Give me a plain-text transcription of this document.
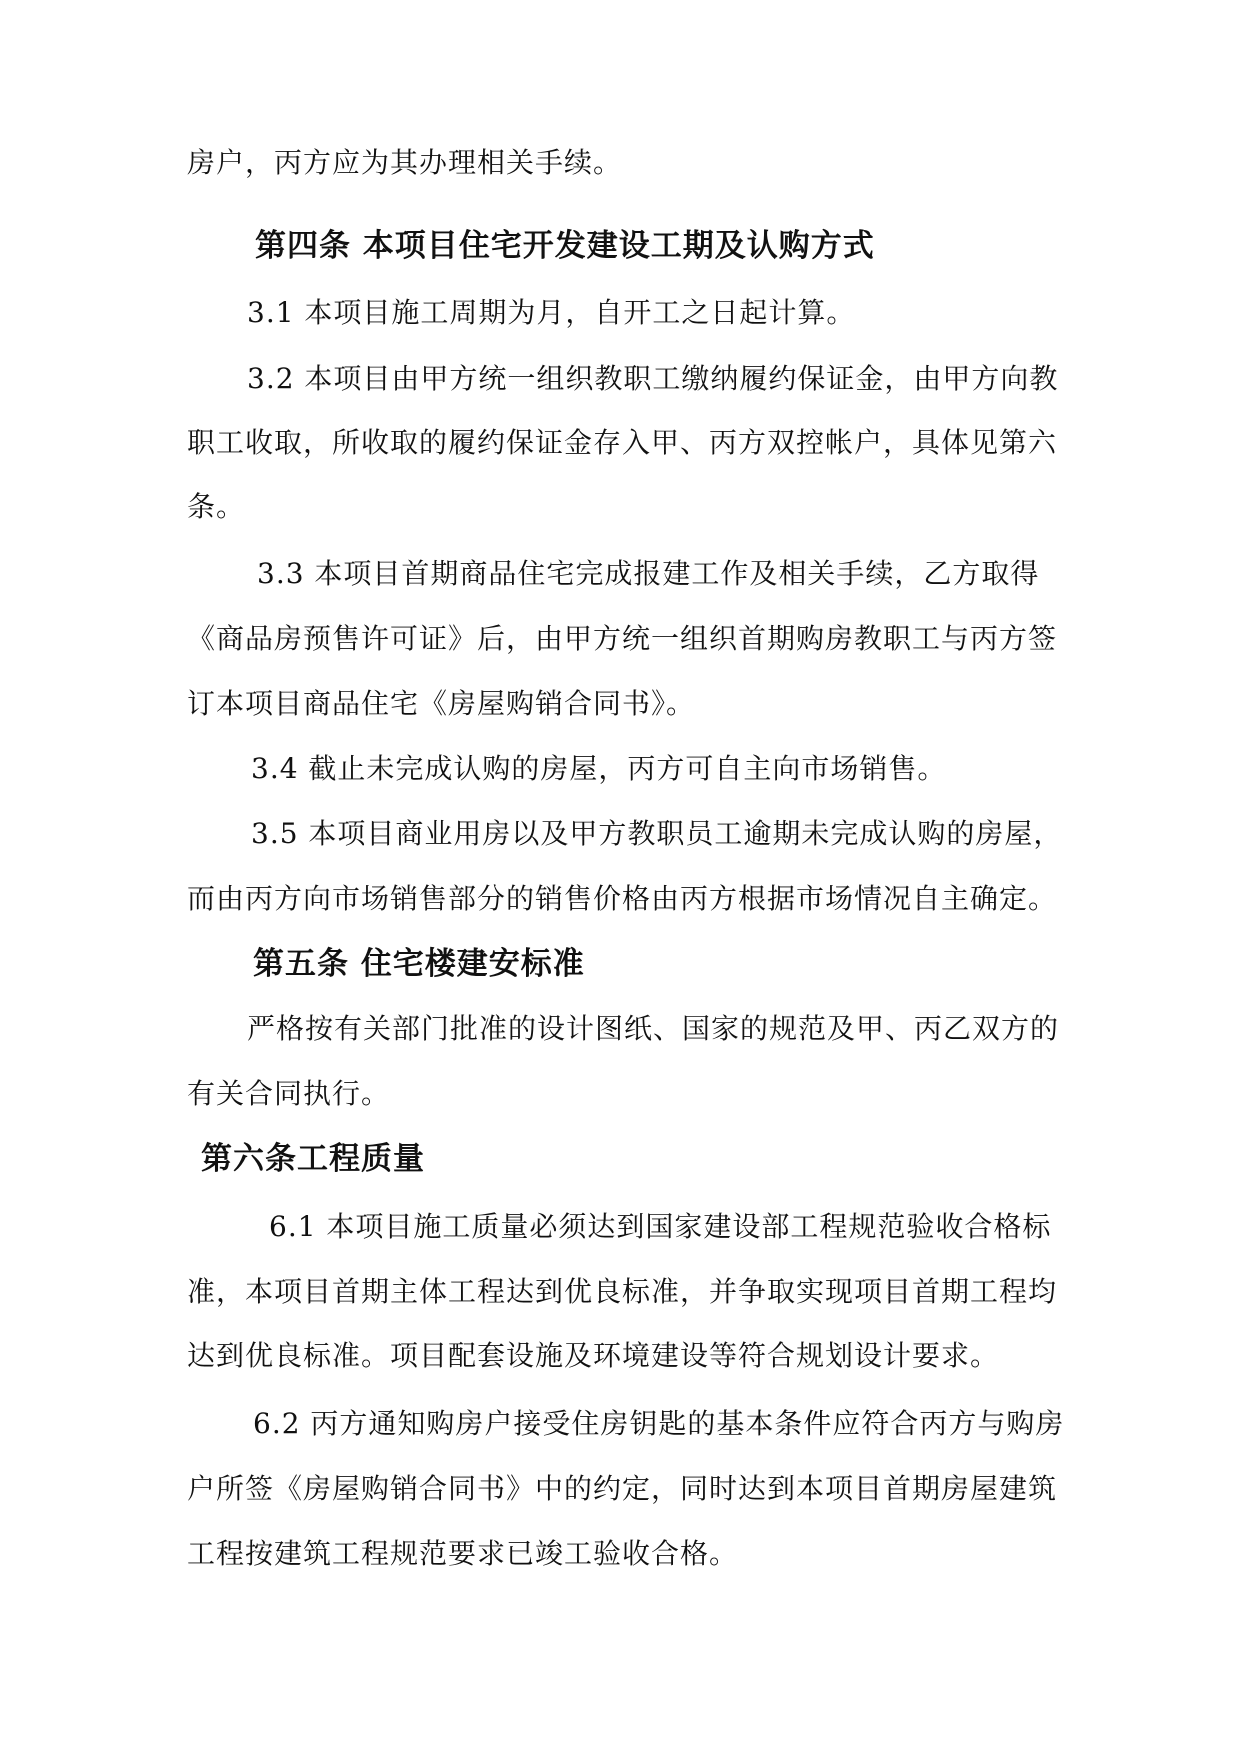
房户，丙方应为其办理相关手续。
第四条 本项目住宅开发建设工期及认购方式
3.1 本项目施工周期为月，自开工之日起计算。
3.2 本项目由甲方统一组织教职工缴纳履约保证金，由甲方向教
职工收取，所收取的履约保证金存入甲、丙方双控帐户，具体见第六
条。
3.3 本项目首期商品住宅完成报建工作及相关手续，乙方取得
《商品房预售许可证》后，由甲方统一组织首期购房教职工与丙方签
订本项目商品住宅《房屋购销合同书》。
3.4 截止未完成认购的房屋，丙方可自主向市场销售。
3.5 本项目商业用房以及甲方教职员工逾期未完成认购的房屋，
而由丙方向市场销售部分的销售价格由丙方根据市场情况自主确定。
第五条 住宅楼建安标准
严格按有关部门批准的设计图纸、国家的规范及甲、丙乙双方的
有关合同执行。
第六条工程质量
6.1 本项目施工质量必须达到国家建设部工程规范验收合格标
准，本项目首期主体工程达到优良标准，并争取实现项目首期工程均
达到优良标准。项目配套设施及环境建设等符合规划设计要求。
6.2 丙方通知购房户接受住房钥匙的基本条件应符合丙方与购房
户所签《房屋购销合同书》中的约定，同时达到本项目首期房屋建筑
工程按建筑工程规范要求已竣工验收合格。
